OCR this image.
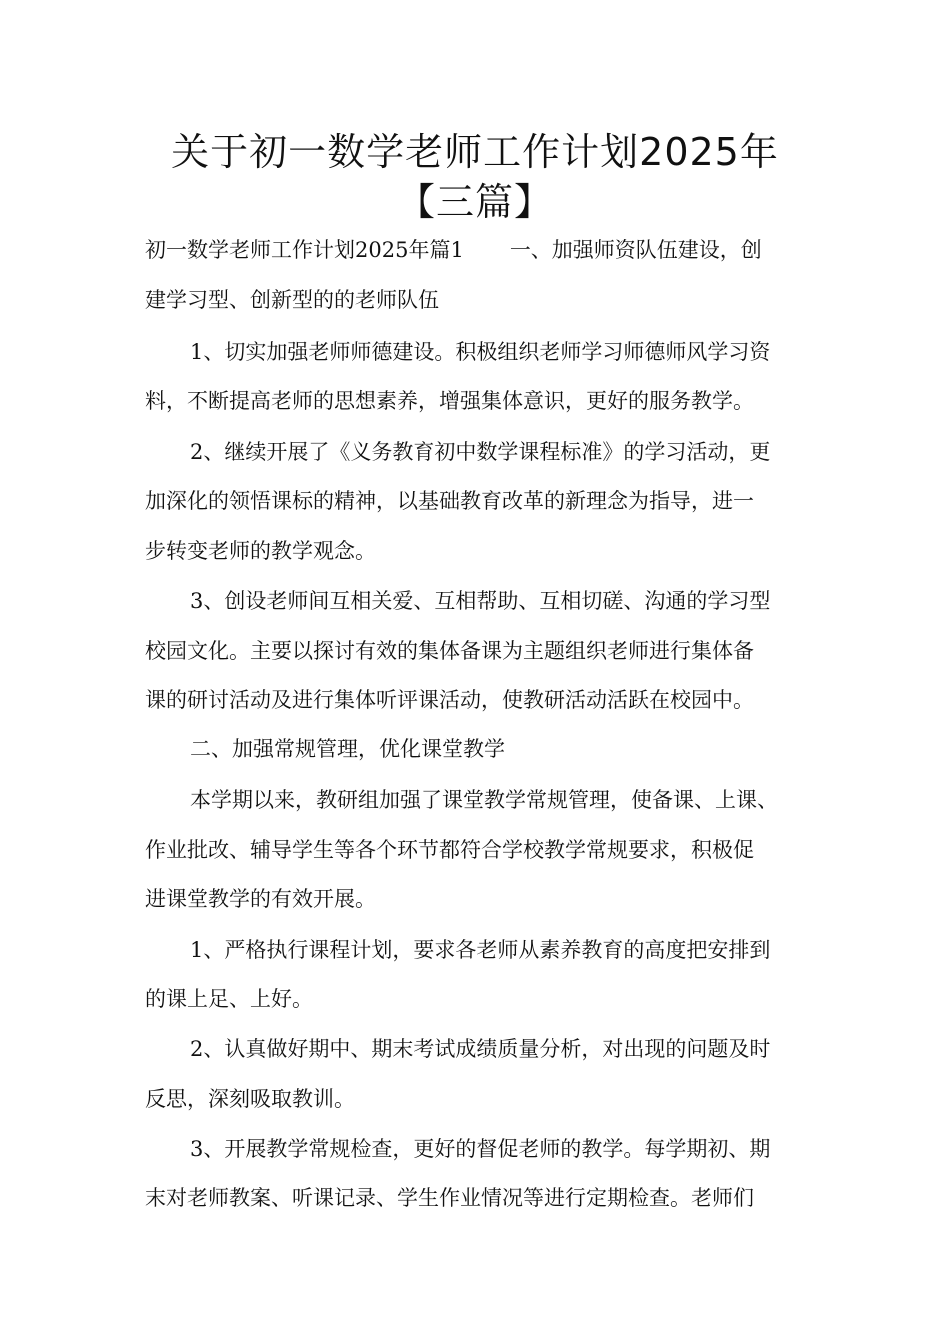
关于初一数学老师工作计划2025年
【三篇】
初一数学老师工作计划2025年篇1 一、加强师资队伍建设，创
建学习型、创新型的的老师队伍
1、切实加强老师师德建设。积极组织老师学习师德师风学习资
料，不断提高老师的思想素养，增强集体意识，更好的服务教学。
2、继续开展了《义务教育初中数学课程标准》的学习活动，更
加深化的领悟课标的精神，以基础教育改革的新理念为指导，进一
步转变老师的教学观念。
3、创设老师间互相关爱、互相帮助、互相切磋、沟通的学习型
校园文化。主要以探讨有效的集体备课为主题组织老师进行集体备
课的研讨活动及进行集体听评课活动，使教研活动活跃在校园中。
二、加强常规管理，优化课堂教学
本学期以来，教研组加强了课堂教学常规管理，使备课、上课、
作业批改、辅导学生等各个环节都符合学校教学常规要求，积极促
进课堂教学的有效开展。
1、严格执行课程计划，要求各老师从素养教育的高度把安排到
的课上足、上好。
2、认真做好期中、期末考试成绩质量分析，对出现的问题及时
反思，深刻吸取教训。
3、开展教学常规检查，更好的督促老师的教学。每学期初、期
末对老师教案、听课记录、学生作业情况等进行定期检查。老师们
